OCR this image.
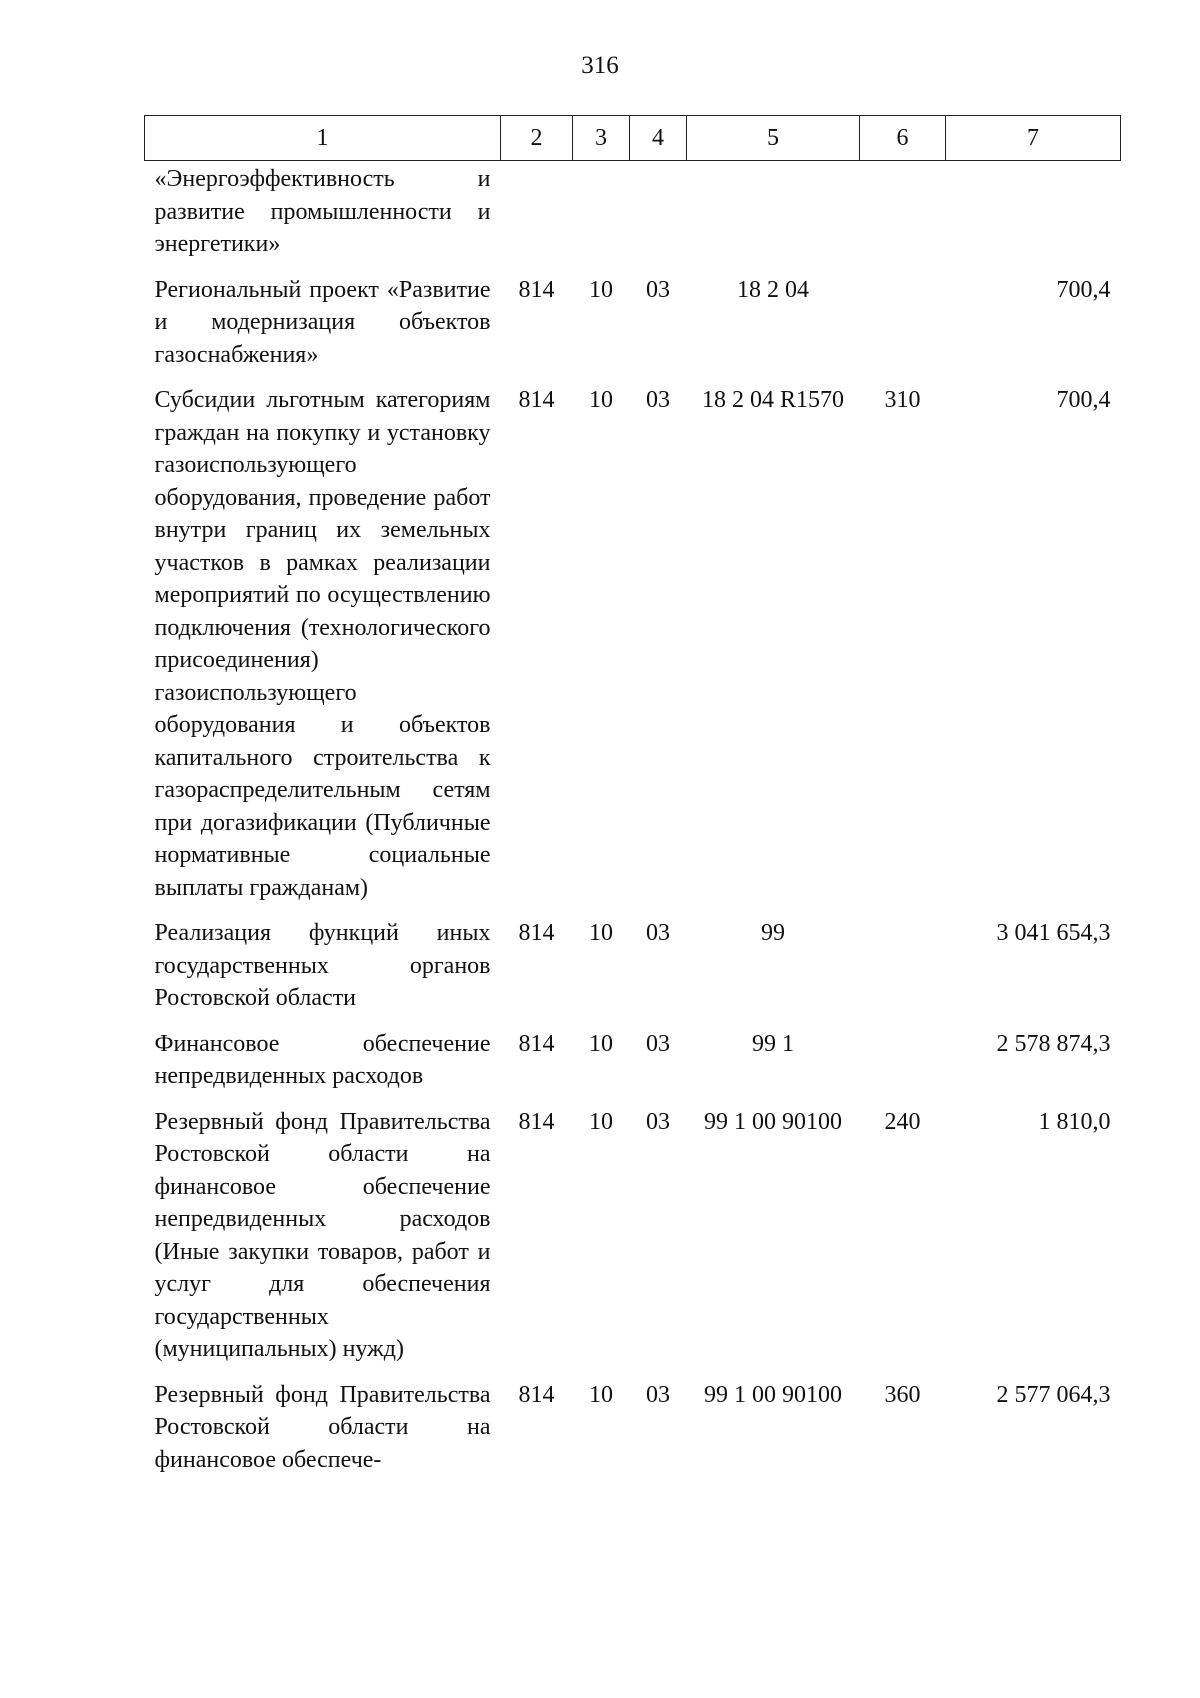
316
1	2	3	4	5	6	7
«Энергоэффективность и развитие промышленности и энергетики»						
Региональный проект «Развитие и модернизация объектов газоснабжения»	814	10	03	18 2 04		700,4
Субсидии льготным категориям граждан на покупку и установку газоиспользующего оборудования, проведение работ внутри границ их земельных участков в рамках реализации мероприятий по осуществлению подключения (технологического присоединения) газоиспользующего оборудования и объектов капитального строительства к газораспределительным сетям при догазификации (Публичные нормативные социальные выплаты гражданам)	814	10	03	18 2 04 R1570	310	700,4
Реализация функций иных государственных органов Ростовской области	814	10	03	99		3 041 654,3
Финансовое обеспечение непредвиденных расходов	814	10	03	99 1		2 578 874,3
Резервный фонд Правительства Ростовской области на финансовое обеспечение непредвиденных расходов (Иные закупки товаров, работ и услуг для обеспечения государственных (муниципальных) нужд)	814	10	03	99 1 00 90100	240	1 810,0
Резервный фонд Правительства Ростовской области на финансовое обеспече-	814	10	03	99 1 00 90100	360	2 577 064,3
